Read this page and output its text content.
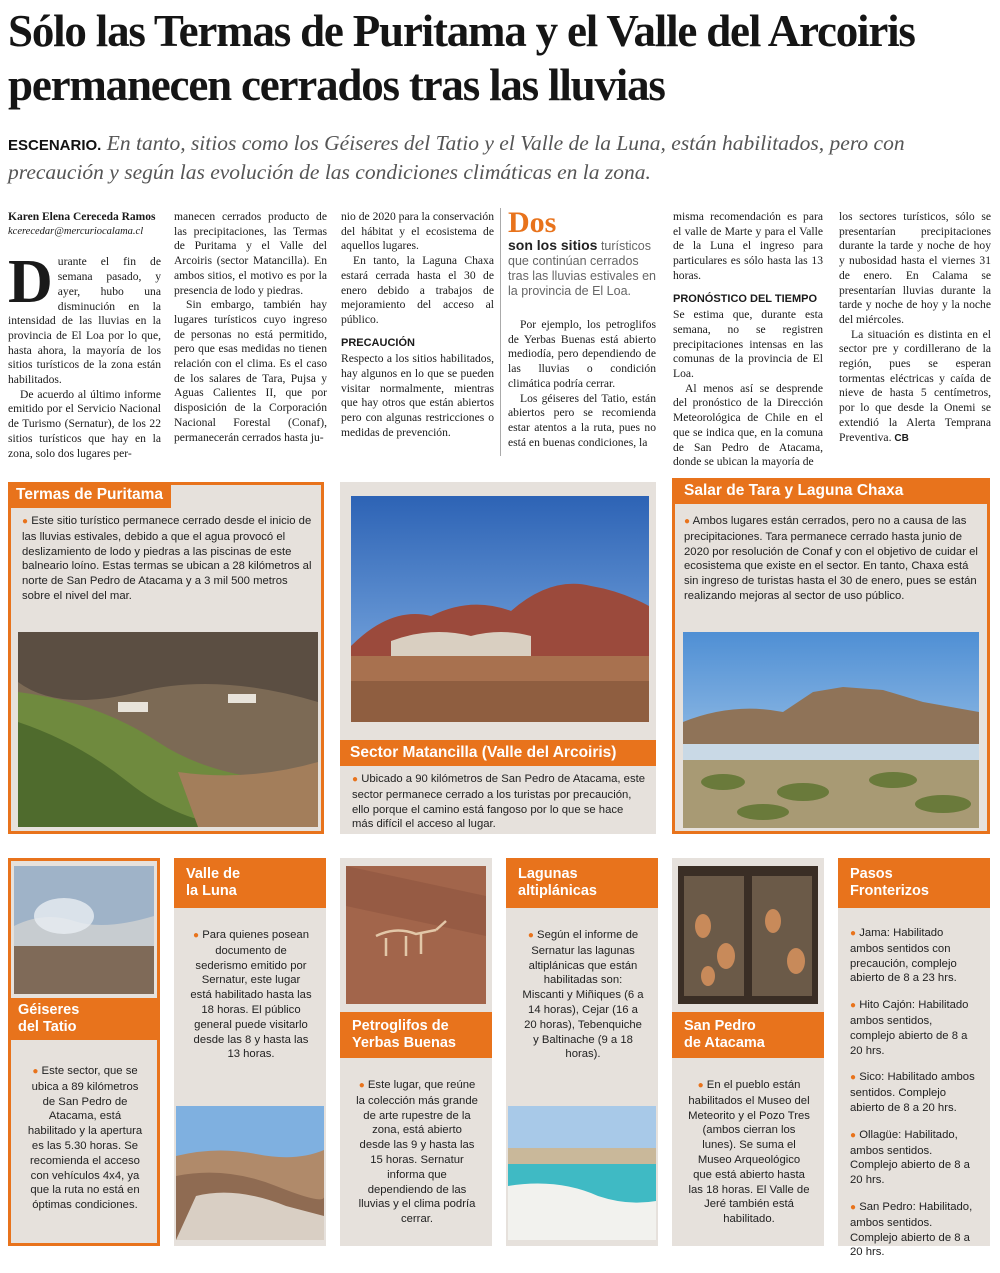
Sólo las Termas de Puritama y el Valle del Arcoiris permanecen cerrados tras las lluvias
ESCENARIO. En tanto, sitios como los Géiseres del Tatio y el Valle de la Luna, están habilitados, pero con precaución y según las evolución de las condiciones climáticas en la zona.
Karen Elena Cereceda Ramos
kcerecedar@mercuriocalama.cl

Durante el fin de semana pasado, y ayer, hubo una disminución en la intensidad de las lluvias en la provincia de El Loa por lo que, hasta ahora, la mayoría de los sitios turísticos de la zona están habilitados.

De acuerdo al último informe emitido por el Servicio Nacional de Turismo (Sernatur), de los 22 sitios turísticos que hay en la zona, solo dos lugares per-

manecen cerrados producto de las precipitaciones, las Termas de Puritama y el Valle del Arcoiris (sector Matancilla). En ambos sitios, el motivo es por la presencia de lodo y piedras.

Sin embargo, también hay lugares turísticos cuyo ingreso de personas no está permitido, pero que esas medidas no tienen relación con el clima. Es el caso de los salares de Tara, Pujsa y Aguas Calientes II, que por disposición de la Corporación Nacional Forestal (Conaf), permanecerán cerrados hasta ju-

nio de 2020 para la conservación del hábitat y el ecosistema de aquellos lugares.

En tanto, la Laguna Chaxa estará cerrada hasta el 30 de enero debido a trabajos de mejoramiento del acceso al público.

PRECAUCIÓN

Respecto a los sitios habilitados, hay algunos en lo que se pueden visitar normalmente, mientras que hay otros que están abiertos pero con algunas restricciones o medidas de prevención.

Dos
son los sitios turísticos que continúan cerrados tras las lluvias estivales en la provincia de El Loa.

Por ejemplo, los petroglifos de Yerbas Buenas está abierto mediodía, pero dependiendo de las lluvias o condición climática podría cerrar.

Los géiseres del Tatio, están abiertos pero se recomienda estar atentos a la ruta, pues no está en buenas condiciones, la

misma recomendación es para el valle de Marte y para el Valle de la Luna el ingreso para particulares es sólo hasta las 13 horas.

PRONÓSTICO DEL TIEMPO

Se estima que, durante esta semana, no se registren precipitaciones intensas en las comunas de la provincia de El Loa.

Al menos así se desprende del pronóstico de la Dirección Meteorológica de Chile en el que se indica que, en la comuna de San Pedro de Atacama, donde se ubican la mayoría de

los sectores turísticos, sólo se presentarían precipitaciones durante la tarde y noche de hoy y nubosidad hasta el viernes 31 de enero. En Calama se presentarían lluvias durante la tarde y noche de hoy y la noche del miércoles.

La situación es distinta en el sector pre y cordillerano de la región, pues se esperan tormentas eléctricas y caída de nieve de hasta 5 centímetros, por lo que desde la Onemi se extendió la Alerta Temprana Preventiva. CB

Termas de Puritama
● Este sitio turístico permanece cerrado desde el inicio de las lluvias estivales, debido a que el agua provocó el deslizamiento de lodo y piedras a las piscinas de este balneario loíno. Estas termas se ubican a 28 kilómetros al norte de San Pedro de Atacama y a 3 mil 500 metros sobre el nivel del mar.
Sector Matancilla (Valle del Arcoiris)
● Ubicado a 90 kilómetros de San Pedro de Atacama, este sector permanece cerrado a los turistas por precaución, ello porque el camino está fangoso por lo que se hace más difícil el acceso al lugar.
Salar de Tara y Laguna Chaxa
● Ambos lugares están cerrados, pero no a causa de las precipitaciones. Tara permanece cerrado hasta junio de 2020 por resolución de Conaf y con el objetivo de cuidar el ecosistema que existe en el sector. En tanto, Chaxa está sin ingreso de turistas hasta el 30 de enero, pues se están realizando mejoras al sector de uso público.
Géiseres
del Tatio
● Este sector, que se ubica a 89 kilómetros de San Pedro de Atacama, está habilitado y la apertura es las 5.30 horas. Se recomienda el acceso con vehículos 4x4, ya que la ruta no está en óptimas condiciones.
Valle de
la Luna
● Para quienes posean documento de sederismo emitido por Sernatur, este lugar está habilitado hasta las 18 horas. El público general puede visitarlo desde las 8 y hasta las 13 horas.
Petroglifos de
Yerbas Buenas
● Este lugar, que reúne la colección más grande de arte rupestre de la zona, está abierto desde las 9 y hasta las 15 horas. Sernatur informa que dependiendo de las lluvias y el clima podría cerrar.
Lagunas
altiplánicas
● Según el informe de Sernatur las lagunas altiplánicas que están habilitadas son: Miscanti y Miñiques (6 a 14 horas), Cejar (16 a 20 horas), Tebenquiche y Baltinache (9 a 18 horas).
San Pedro
de Atacama
● En el pueblo están habilitados el Museo del Meteorito y el Pozo Tres (ambos cierran los lunes). Se suma el Museo Arqueológico que está abierto hasta las 18 horas. El Valle de Jeré también está habilitado.
Pasos
Fronterizos
● Jama: Habilitado ambos sentidos con precaución, complejo abierto de 8 a 23 hrs.
● Hito Cajón: Habilitado ambos sentidos, complejo abierto de 8 a 20 hrs.
● Sico: Habilitado ambos sentidos. Complejo abierto de 8 a 20 hrs.
● Ollagüe: Habilitado, ambos sentidos. Complejo abierto de 8 a 20 hrs.
● San Pedro: Habilitado, ambos sentidos. Complejo abierto de 8 a 20 hrs.
